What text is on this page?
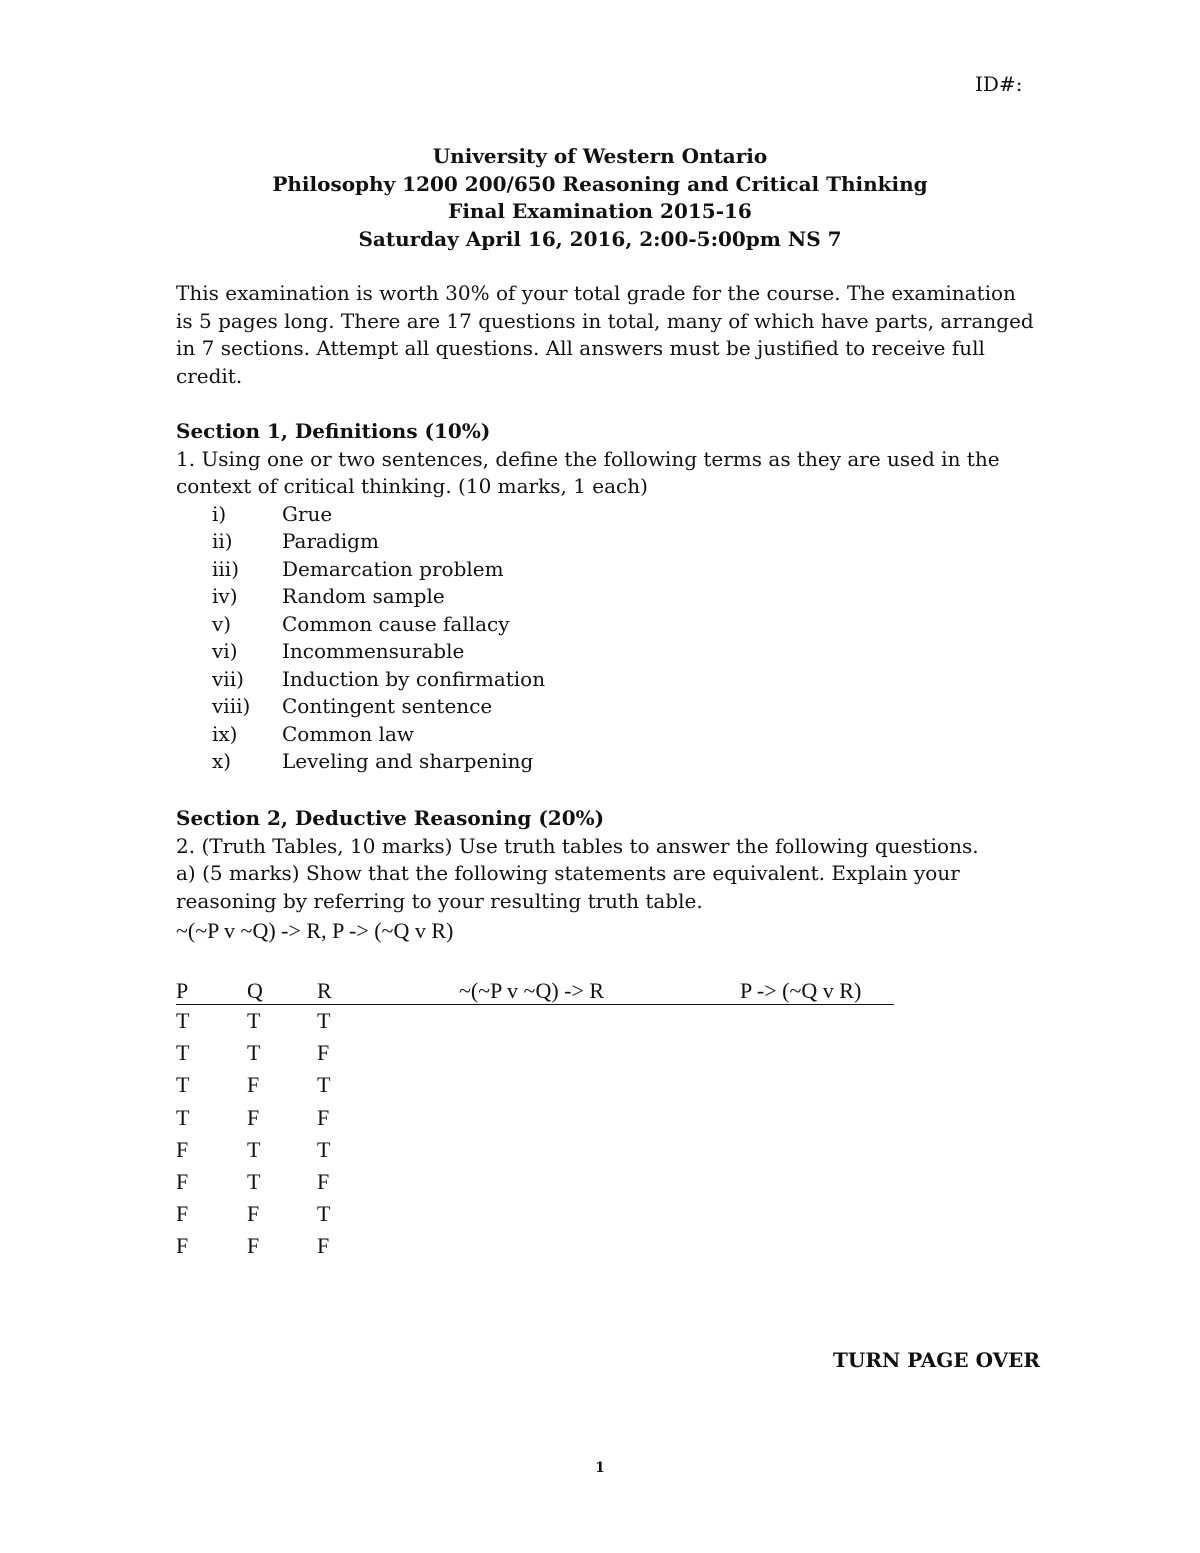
ID#:
University of Western Ontario
Philosophy 1200 200/650 Reasoning and Critical Thinking
Final Examination 2015-16
Saturday April 16, 2016, 2:00-5:00pm NS 7
This examination is worth 30% of your total grade for the course. The examination
is 5 pages long. There are 17 questions in total, many of which have parts, arranged
in 7 sections. Attempt all questions. All answers must be justified to receive full
credit.
Section 1, Definitions (10%)
1. Using one or two sentences, define the following terms as they are used in the
context of critical thinking. (10 marks, 1 each)
i)	Grue
ii)	Paradigm
iii)	Demarcation problem
iv)	Random sample
v)	Common cause fallacy
vi)	Incommensurable
vii)	Induction by confirmation
viii)	Contingent sentence
ix)	Common law
x)	Leveling and sharpening
Section 2, Deductive Reasoning (20%)
2. (Truth Tables, 10 marks) Use truth tables to answer the following questions.
a) (5 marks) Show that the following statements are equivalent. Explain your
reasoning by referring to your resulting truth table.
~(~P v ~Q) -> R, P -> (~Q v R)
P	Q	R	~(~P v ~Q) -> R	P -> (~Q v R)
T	T	T
T	T	F
T	F	T
T	F	F
F	T	T
F	T	F
F	F	T
F	F	F
TURN PAGE OVER
1
